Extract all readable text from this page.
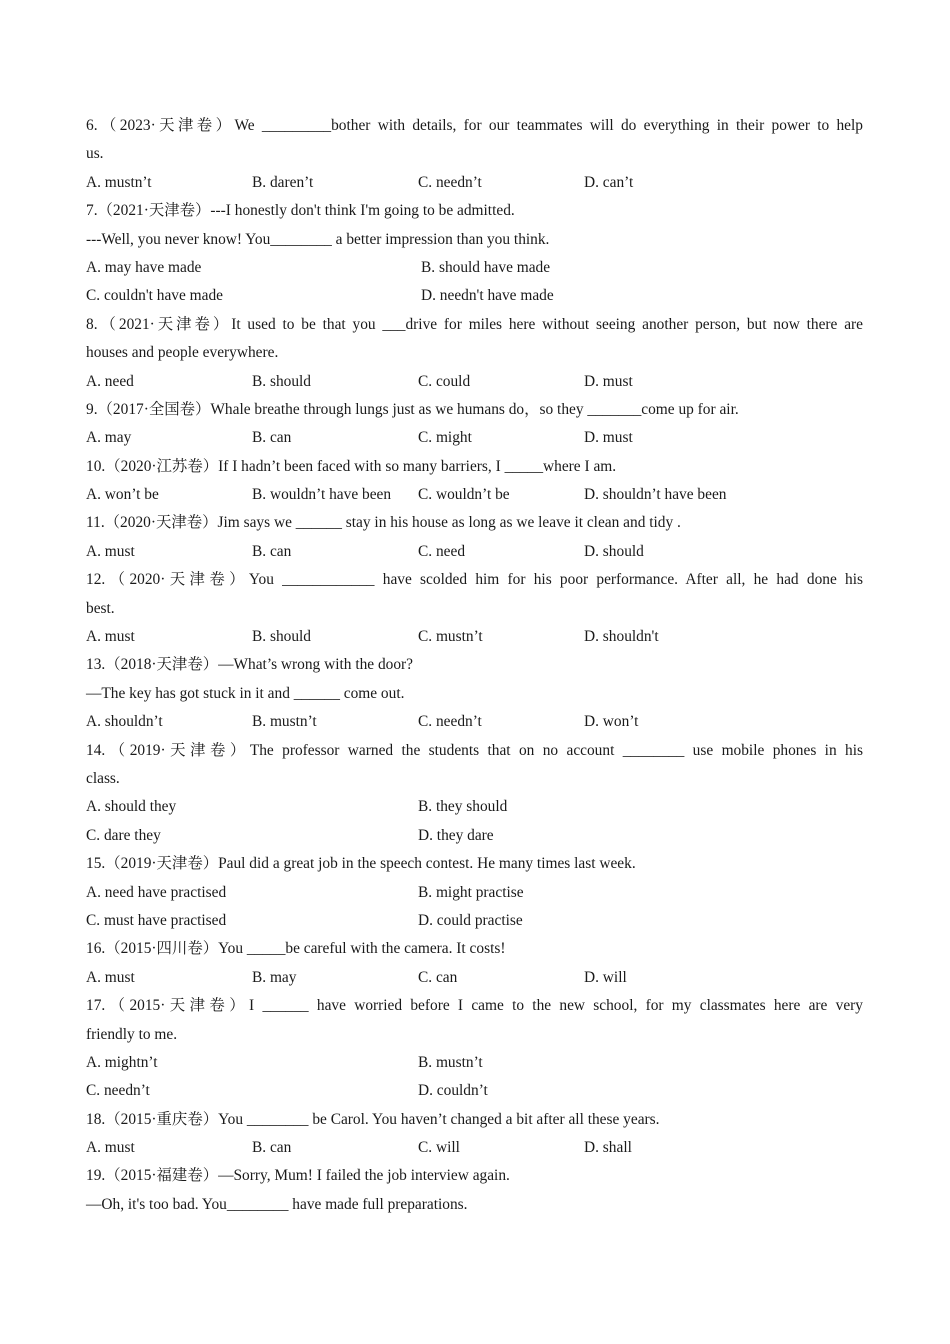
6.（2023·天津卷）We _________bother with details, for our teammates will do everything in their power to help
us.
A. mustn’t	B. daren’t	C. needn’t	D. can’t
7.（2021·天津卷）---I honestly don't think I'm going to be admitted.
---Well, you never know! You________ a better impression than you think.
A. may have made	B. should have made
C. couldn't have made	D. needn't have made
8.（2021·天津卷）It used to be that you ___drive for miles here without seeing another person, but now there are
houses and people everywhere.
A. need	B. should	C. could	D. must
9.（2017·全国卷）Whale breathe through lungs just as we humans do，so they _______come up for air.
A. may	B. can	C. might	D. must
10.（2020·江苏卷）If I hadn’t been faced with so many barriers, I _____where I am.
A. won’t be	B. wouldn’t have been	C. wouldn’t be	D. shouldn’t have been
11.（2020·天津卷）Jim says we ______ stay in his house as long as we leave it clean and tidy .
A. must	B. can	C. need	D. should
12.（2020·天津卷）You ____________ have scolded him for his poor performance. After all, he had done his
best.
A. must	B. should	C. mustn’t	D. shouldn't
13.（2018·天津卷）—What’s wrong with the door?
—The key has got stuck in it and ______ come out.
A. shouldn’t	B. mustn’t	C. needn’t	D. won’t
14.（2019·天津卷）The professor warned the students that on no account ________ use mobile phones in his
class.
A. should they	B. they should
C. dare they	D. they dare
15.（2019·天津卷）Paul did a great job in the speech contest. He many times last week.
A. need have practised	B. might practise
C. must have practised	D. could practise
16.（2015·四川卷）You _____be careful with the camera. It costs!
A. must	B. may	C. can	D. will
17.（2015·天津卷）I ______ have worried before I came to the new school, for my classmates here are very
friendly to me.
A. mightn’t	B. mustn’t
C. needn’t	D. couldn’t
18.（2015·重庆卷）You ________ be Carol. You haven’t changed a bit after all these years.
A. must	B. can	C. will	D. shall
19.（2015·福建卷）—Sorry, Mum! I failed the job interview again.
—Oh, it's too bad. You________ have made full preparations.
